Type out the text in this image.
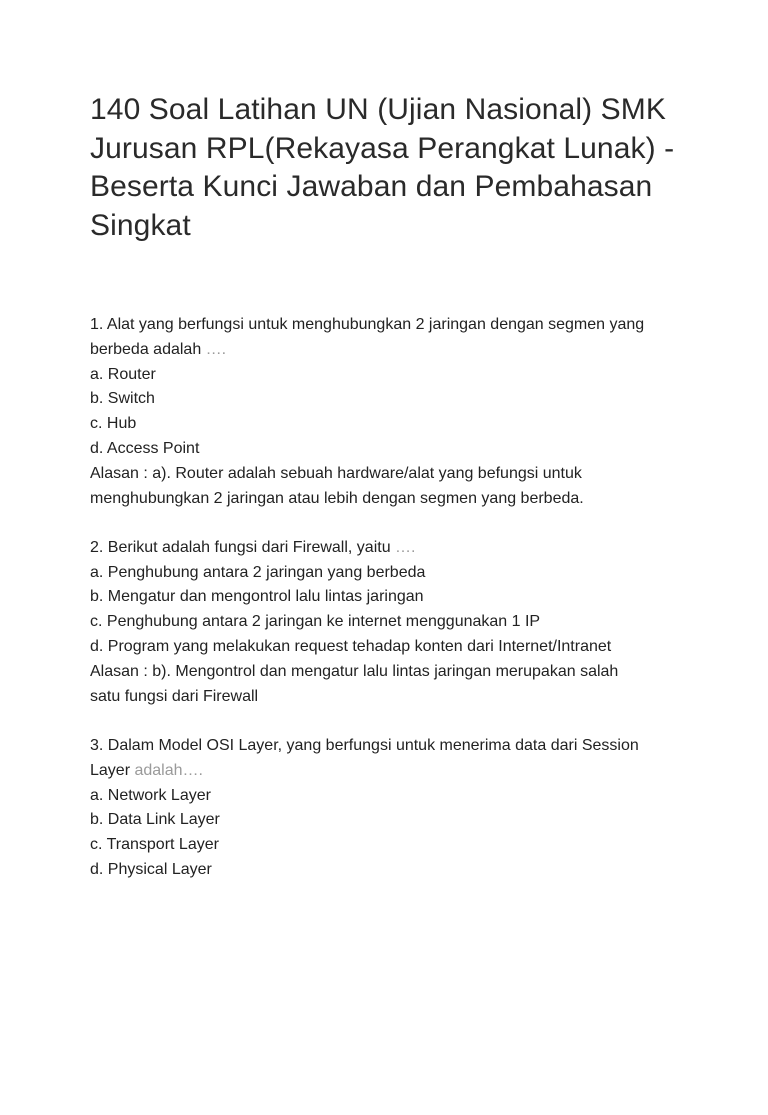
140 Soal Latihan UN (Ujian Nasional) SMK Jurusan RPL(Rekayasa Perangkat Lunak) - Beserta Kunci Jawaban dan Pembahasan Singkat
1. Alat yang berfungsi untuk menghubungkan 2 jaringan dengan segmen yang berbeda adalah ….
a. Router
b. Switch
c. Hub
d. Access Point
Alasan : a). Router adalah sebuah hardware/alat yang befungsi untuk menghubungkan 2 jaringan atau lebih dengan segmen yang berbeda.
2. Berikut adalah fungsi dari Firewall, yaitu ….
a. Penghubung antara 2 jaringan yang berbeda
b. Mengatur dan mengontrol lalu lintas jaringan
c. Penghubung antara 2 jaringan ke internet menggunakan 1 IP
d. Program yang melakukan request tehadap konten dari Internet/Intranet
Alasan : b). Mengontrol dan mengatur lalu lintas jaringan merupakan salah satu fungsi dari Firewall
3. Dalam Model OSI Layer, yang berfungsi untuk menerima data dari Session Layer adalah….
a. Network Layer
b. Data Link Layer
c. Transport Layer
d. Physical Layer
